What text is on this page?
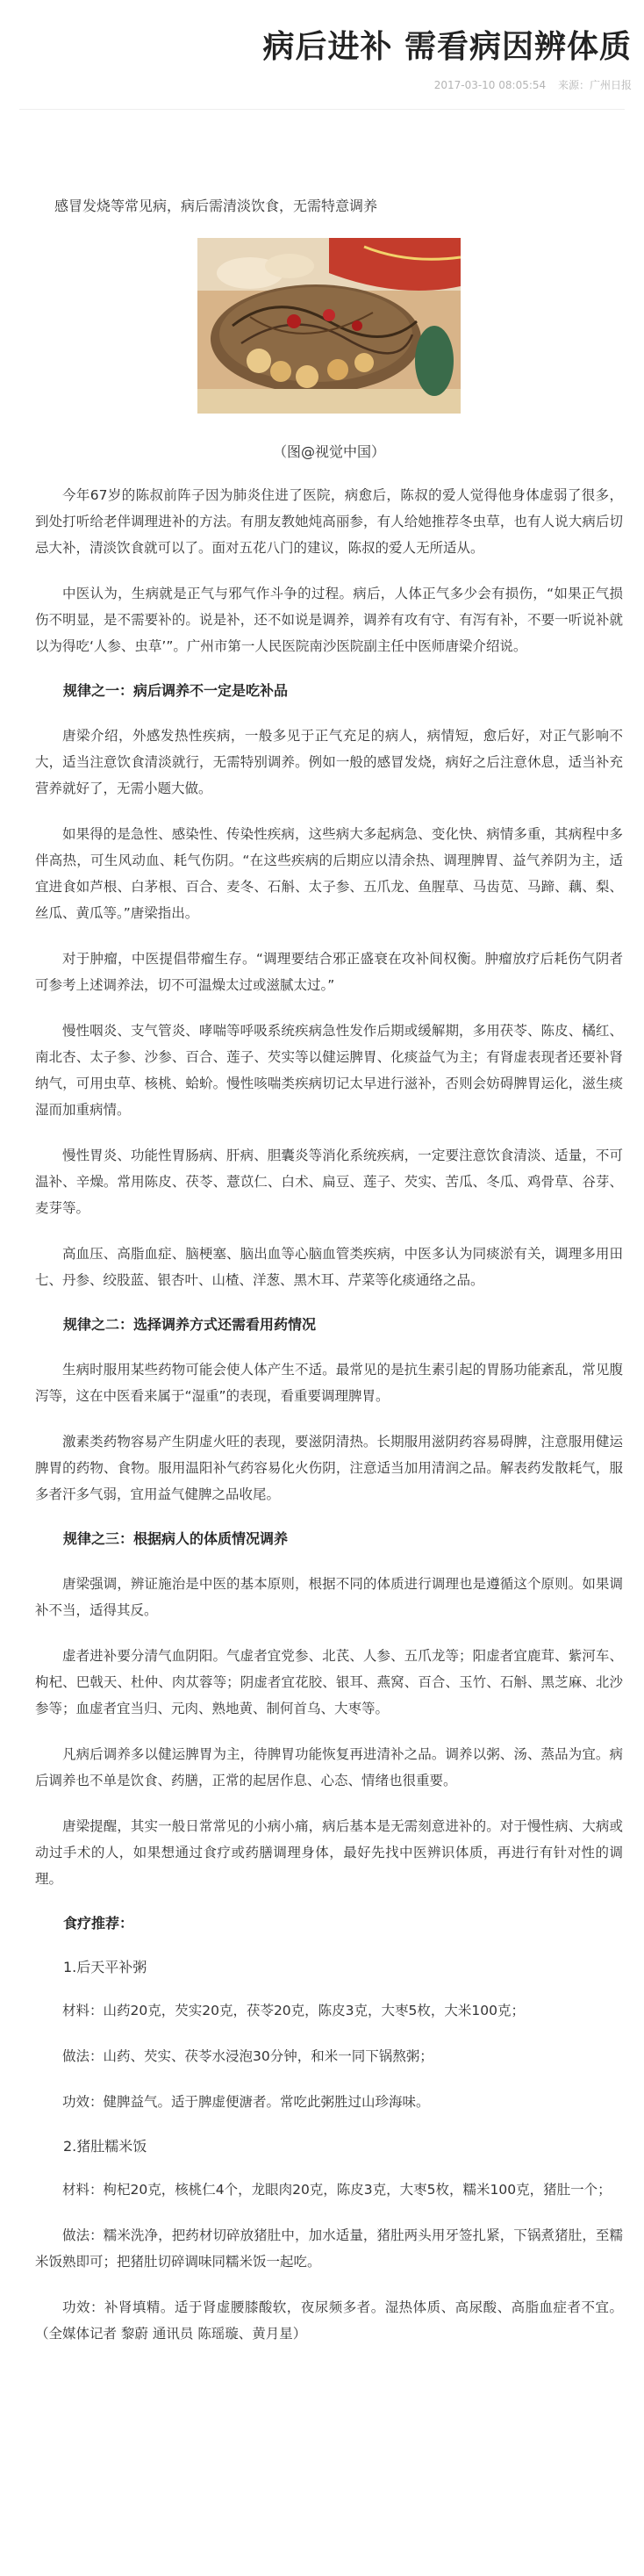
病后进补 需看病因辨体质
2017-03-10 08:05:54 来源：广州日报

感冒发烧等常见病，病后需清淡饮食，无需特意调养

（图@视觉中国）

今年67岁的陈叔前阵子因为肺炎住进了医院，病愈后，陈叔的爱人觉得他身体虚弱了很多，到处打听给老伴调理进补的方法。有朋友教她炖高丽参，有人给她推荐冬虫草，也有人说大病后切忌大补，清淡饮食就可以了。面对五花八门的建议，陈叔的爱人无所适从。

中医认为，生病就是正气与邪气作斗争的过程。病后，人体正气多少会有损伤，“如果正气损伤不明显，是不需要补的。说是补，还不如说是调养，调养有攻有守、有泻有补，不要一听说补就以为得吃‘人参、虫草’”。广州市第一人民医院南沙医院副主任中医师唐梁介绍说。

规律之一：病后调养不一定是吃补品

唐梁介绍，外感发热性疾病，一般多见于正气充足的病人，病情短，愈后好，对正气影响不大，适当注意饮食清淡就行，无需特别调养。例如一般的感冒发烧，病好之后注意休息，适当补充营养就好了，无需小题大做。

如果得的是急性、感染性、传染性疾病，这些病大多起病急、变化快、病情多重，其病程中多伴高热，可生风动血、耗气伤阴。“在这些疾病的后期应以清余热、调理脾胃、益气养阴为主，适宜进食如芦根、白茅根、百合、麦冬、石斛、太子参、五爪龙、鱼腥草、马齿苋、马蹄、藕、梨、丝瓜、黄瓜等。”唐梁指出。

对于肿瘤，中医提倡带瘤生存。“调理要结合邪正盛衰在攻补间权衡。肿瘤放疗后耗伤气阴者可参考上述调养法，切不可温燥太过或滋腻太过。”

慢性咽炎、支气管炎、哮喘等呼吸系统疾病急性发作后期或缓解期，多用茯苓、陈皮、橘红、南北杏、太子参、沙参、百合、莲子、芡实等以健运脾胃、化痰益气为主；有肾虚表现者还要补肾纳气，可用虫草、核桃、蛤蚧。慢性咳喘类疾病切记太早进行滋补，否则会妨碍脾胃运化，滋生痰湿而加重病情。

慢性胃炎、功能性胃肠病、肝病、胆囊炎等消化系统疾病，一定要注意饮食清淡、适量，不可温补、辛燥。常用陈皮、茯苓、薏苡仁、白术、扁豆、莲子、芡实、苦瓜、冬瓜、鸡骨草、谷芽、麦芽等。

高血压、高脂血症、脑梗塞、脑出血等心脑血管类疾病，中医多认为同痰淤有关，调理多用田七、丹参、绞股蓝、银杏叶、山楂、洋葱、黑木耳、芹菜等化痰通络之品。

规律之二：选择调养方式还需看用药情况

生病时服用某些药物可能会使人体产生不适。最常见的是抗生素引起的胃肠功能紊乱，常见腹泻等，这在中医看来属于“湿重”的表现，看重要调理脾胃。

激素类药物容易产生阴虚火旺的表现，要滋阴清热。长期服用滋阴药容易碍脾，注意服用健运脾胃的药物、食物。服用温阳补气药容易化火伤阴，注意适当加用清润之品。解表药发散耗气，服多者汗多气弱，宜用益气健脾之品收尾。

规律之三：根据病人的体质情况调养

唐梁强调，辨证施治是中医的基本原则，根据不同的体质进行调理也是遵循这个原则。如果调补不当，适得其反。

虚者进补要分清气血阴阳。气虚者宜党参、北芪、人参、五爪龙等；阳虚者宜鹿茸、紫河车、枸杞、巴戟天、杜仲、肉苁蓉等；阴虚者宜花胶、银耳、燕窝、百合、玉竹、石斛、黑芝麻、北沙参等；血虚者宜当归、元肉、熟地黄、制何首乌、大枣等。

凡病后调养多以健运脾胃为主，待脾胃功能恢复再进清补之品。调养以粥、汤、蒸品为宜。病后调养也不单是饮食、药膳，正常的起居作息、心态、情绪也很重要。

唐梁提醒，其实一般日常常见的小病小痛，病后基本是无需刻意进补的。对于慢性病、大病或动过手术的人，如果想通过食疗或药膳调理身体，最好先找中医辨识体质，再进行有针对性的调理。

食疗推荐：

1.后天平补粥

材料：山药20克，芡实20克，茯苓20克，陈皮3克，大枣5枚，大米100克；

做法：山药、芡实、茯苓水浸泡30分钟，和米一同下锅熬粥；

功效：健脾益气。适于脾虚便溏者。常吃此粥胜过山珍海味。

2.猪肚糯米饭

材料：枸杞20克，核桃仁4个，龙眼肉20克，陈皮3克，大枣5枚，糯米100克，猪肚一个；

做法：糯米洗净，把药材切碎放猪肚中，加水适量，猪肚两头用牙签扎紧，下锅煮猪肚，至糯米饭熟即可；把猪肚切碎调味同糯米饭一起吃。

功效：补肾填精。适于肾虚腰膝酸软，夜尿频多者。湿热体质、高尿酸、高脂血症者不宜。（全媒体记者 黎蔚 通讯员 陈瑶璇、黄月星）
